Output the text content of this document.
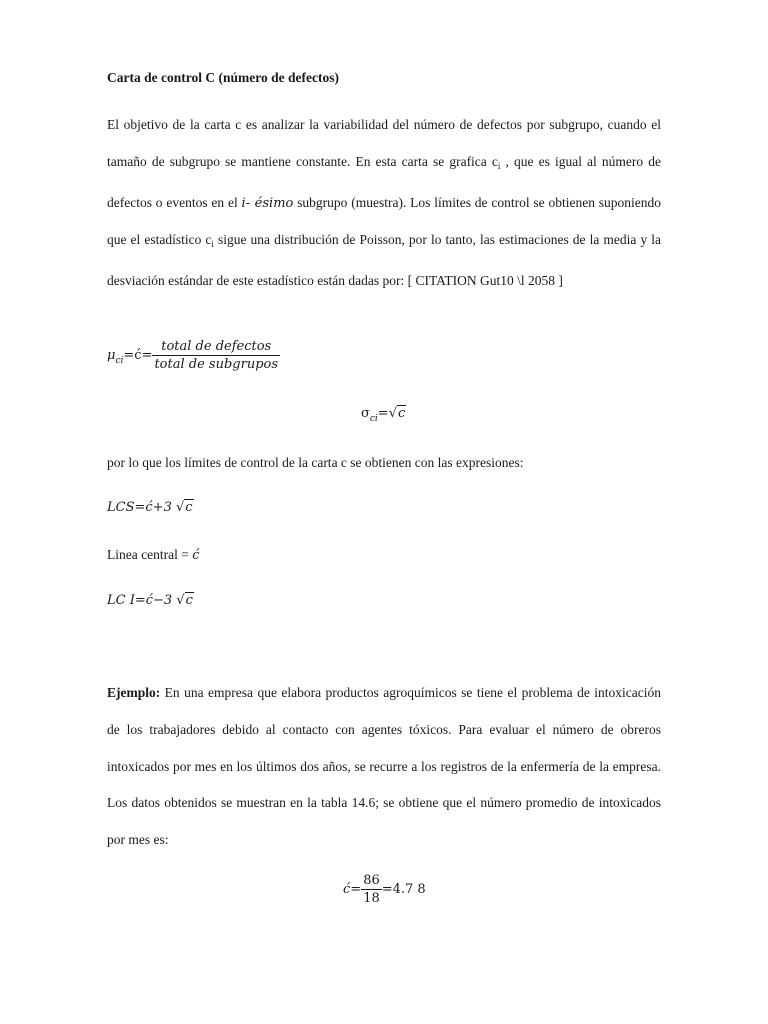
Carta de control C (número de defectos)
El objetivo de la carta c es analizar la variabilidad del número de defectos por subgrupo, cuando el tamaño de subgrupo se mantiene constante. En esta carta se grafica $c_i$ , que es igual al número de defectos o eventos en el i- ésimo subgrupo (muestra). Los límites de control se obtienen suponiendo que el estadístico $c_i$ sigue una distribución de Poisson, por lo tanto, las estimaciones de la media y la desviación estándar de este estadístico están dadas por: [ CITATION Gut10 \l 2058 ]
$\mu_{ci}=ć= \frac{\text{total de defectos}}{\text{total de subgrupos}}$
$\sigma_{ci}=√c$
por lo que los límites de control de la carta c se obtienen con las expresiones:
LCS=ć+3 √c
Linea central = ć
LC I=ć−3 √c
Ejemplo: En una empresa que elabora productos agroquímicos se tiene el problema de intoxicación de los trabajadores debido al contacto con agentes tóxicos. Para evaluar el número de obreros intoxicados por mes en los últimos dos años, se recurre a los registros de la enfermería de la empresa. Los datos obtenidos se muestran en la tabla 14.6; se obtiene que el número promedio de intoxicados por mes es:
ć= $\frac{86}{18} =4.7$ 8
